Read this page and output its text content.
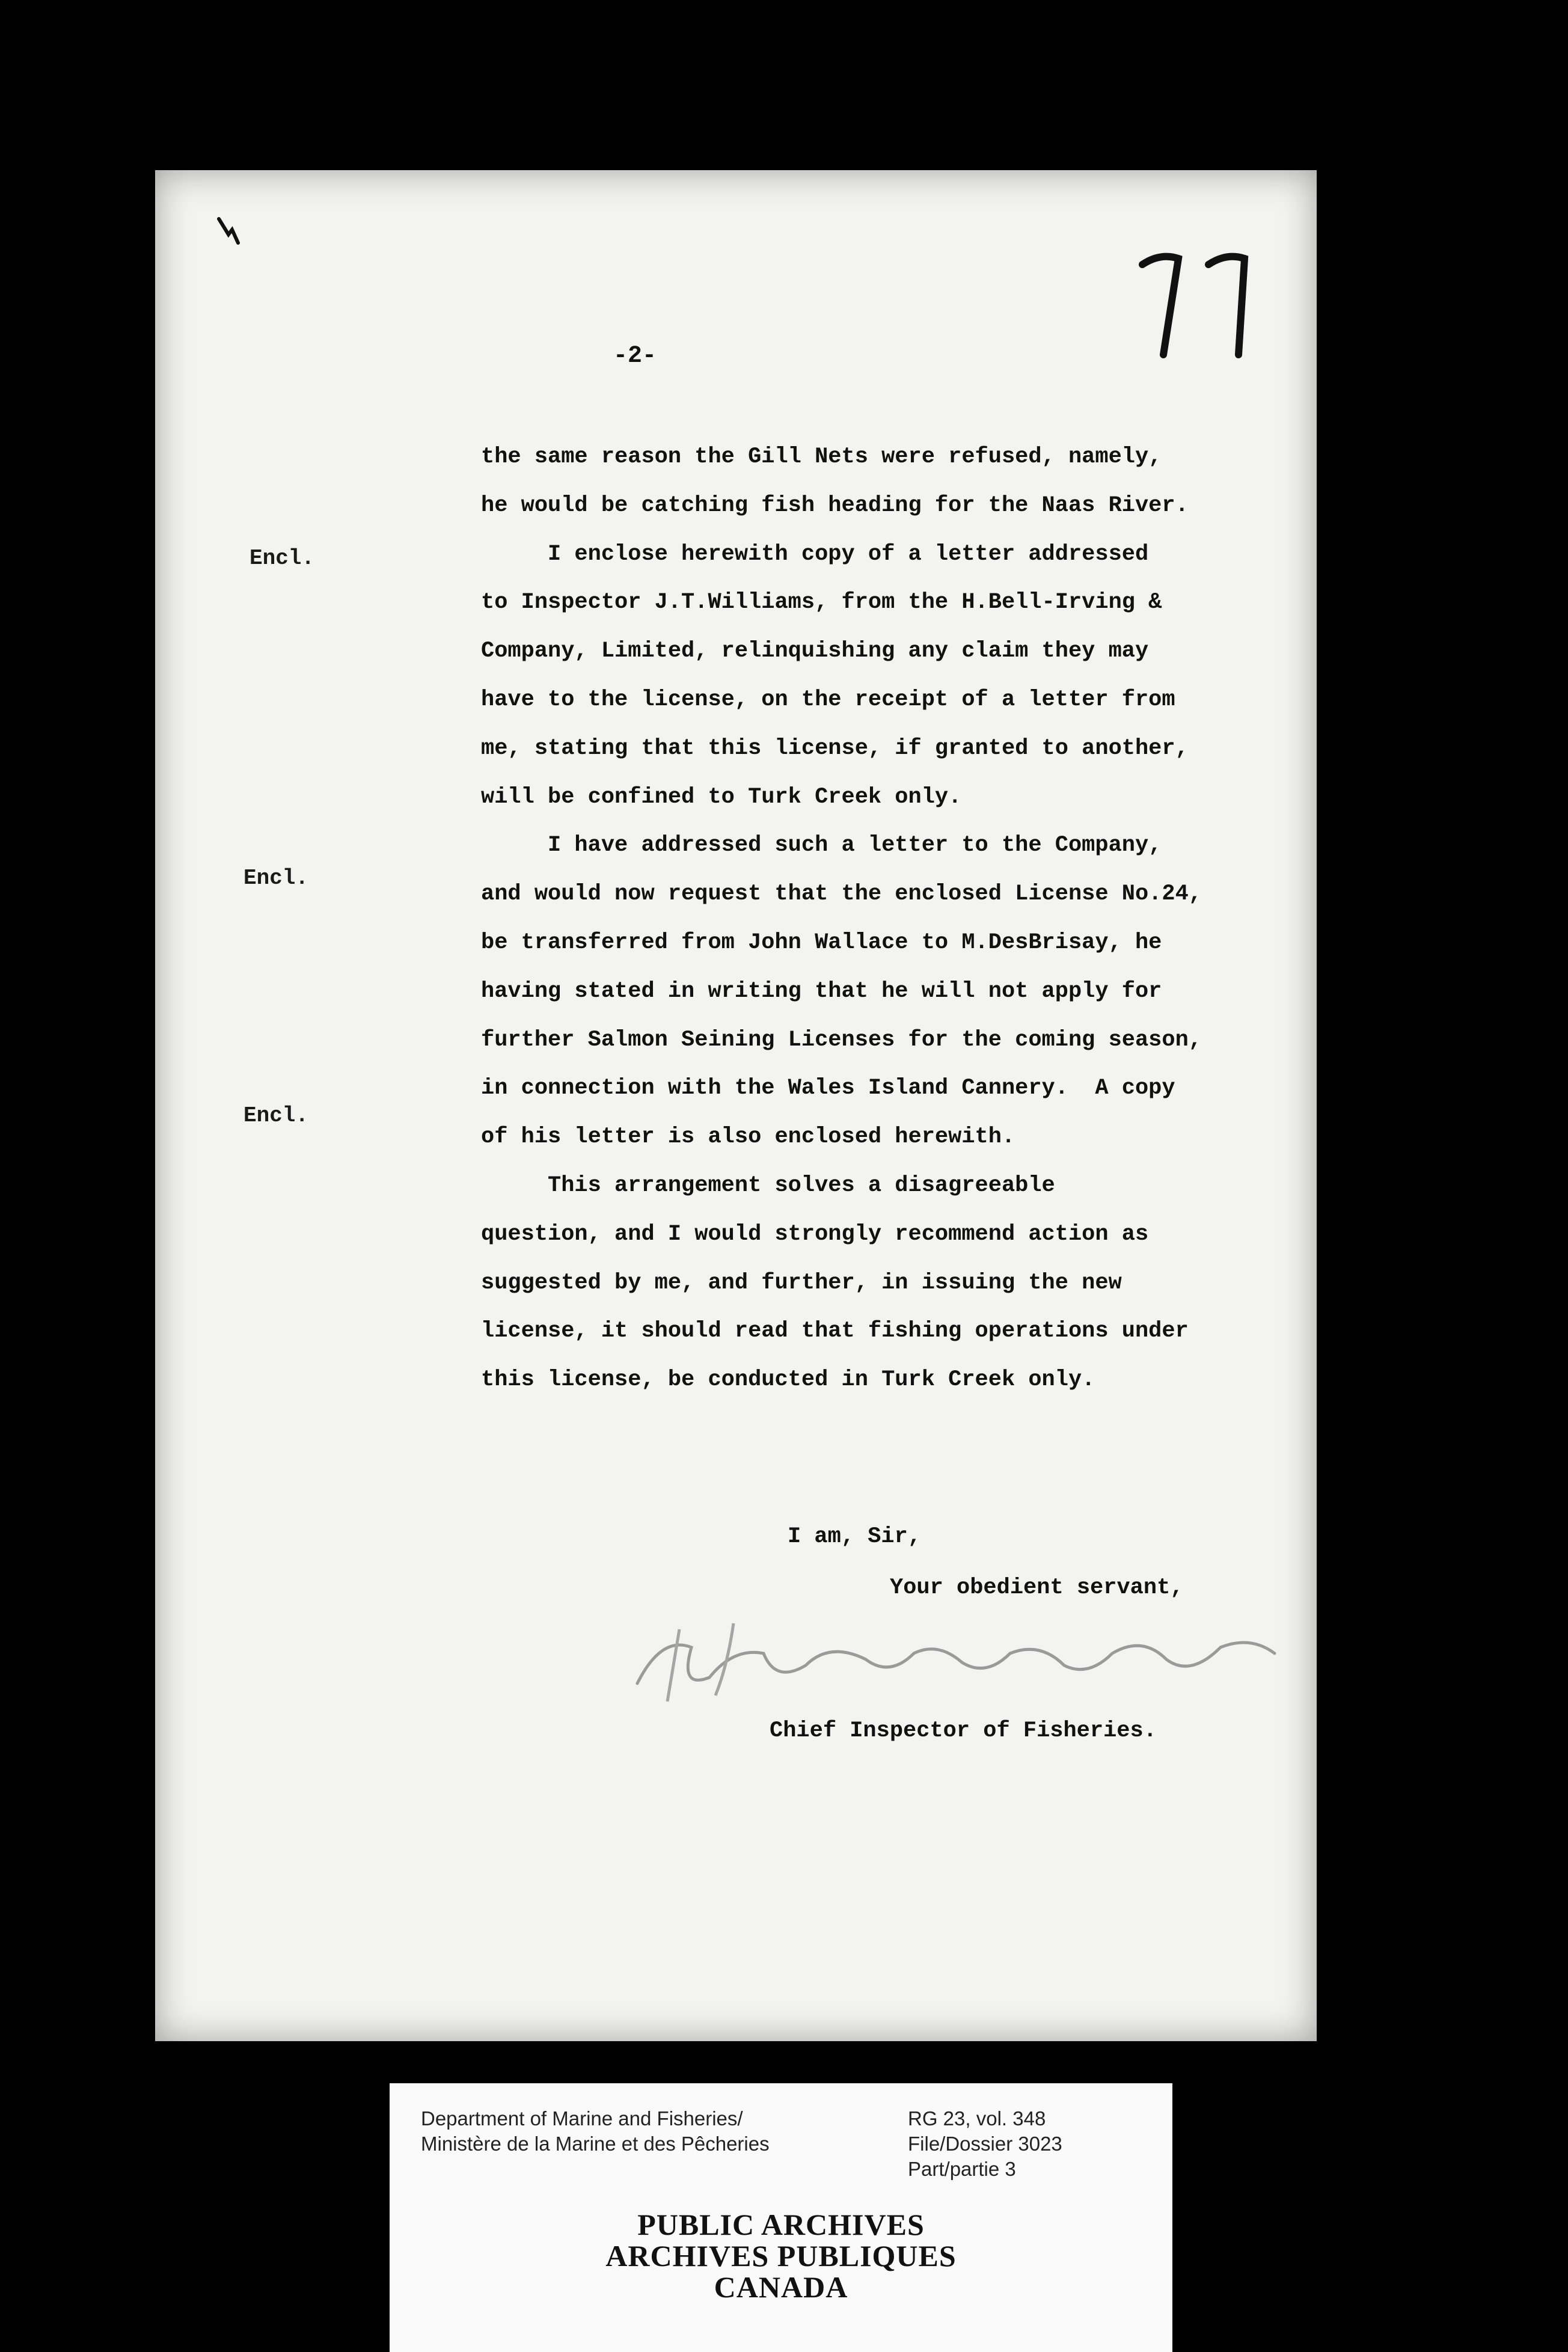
-2-
Encl.
Encl.
Encl.
the same reason the Gill Nets were refused, namely,
he would be catching fish heading for the Naas River.
I enclose herewith copy of a letter addressed
to Inspector J.T.Williams, from the H.Bell-Irving &
Company, Limited, relinquishing any claim they may
have to the license, on the receipt of a letter from
me, stating that this license, if granted to another,
will be confined to Turk Creek only.
I have addressed such a letter to the Company,
and would now request that the enclosed License No.24,
be transferred from John Wallace to M.DesBrisay, he
having stated in writing that he will not apply for
further Salmon Seining Licenses for the coming season,
in connection with the Wales Island Cannery.  A copy
of his letter is also enclosed herewith.
This arrangement solves a disagreeable
question, and I would strongly recommend action as
suggested by me, and further, in issuing the new
license, it should read that fishing operations under
this license, be conducted in Turk Creek only.
I am, Sir,
Your obedient servant,
Chief Inspector of Fisheries.
Department of Marine and Fisheries/
Ministère de la Marine et des Pêcheries
RG 23, vol. 348
File/Dossier 3023
Part/partie 3
PUBLIC ARCHIVES
ARCHIVES PUBLIQUES
CANADA
